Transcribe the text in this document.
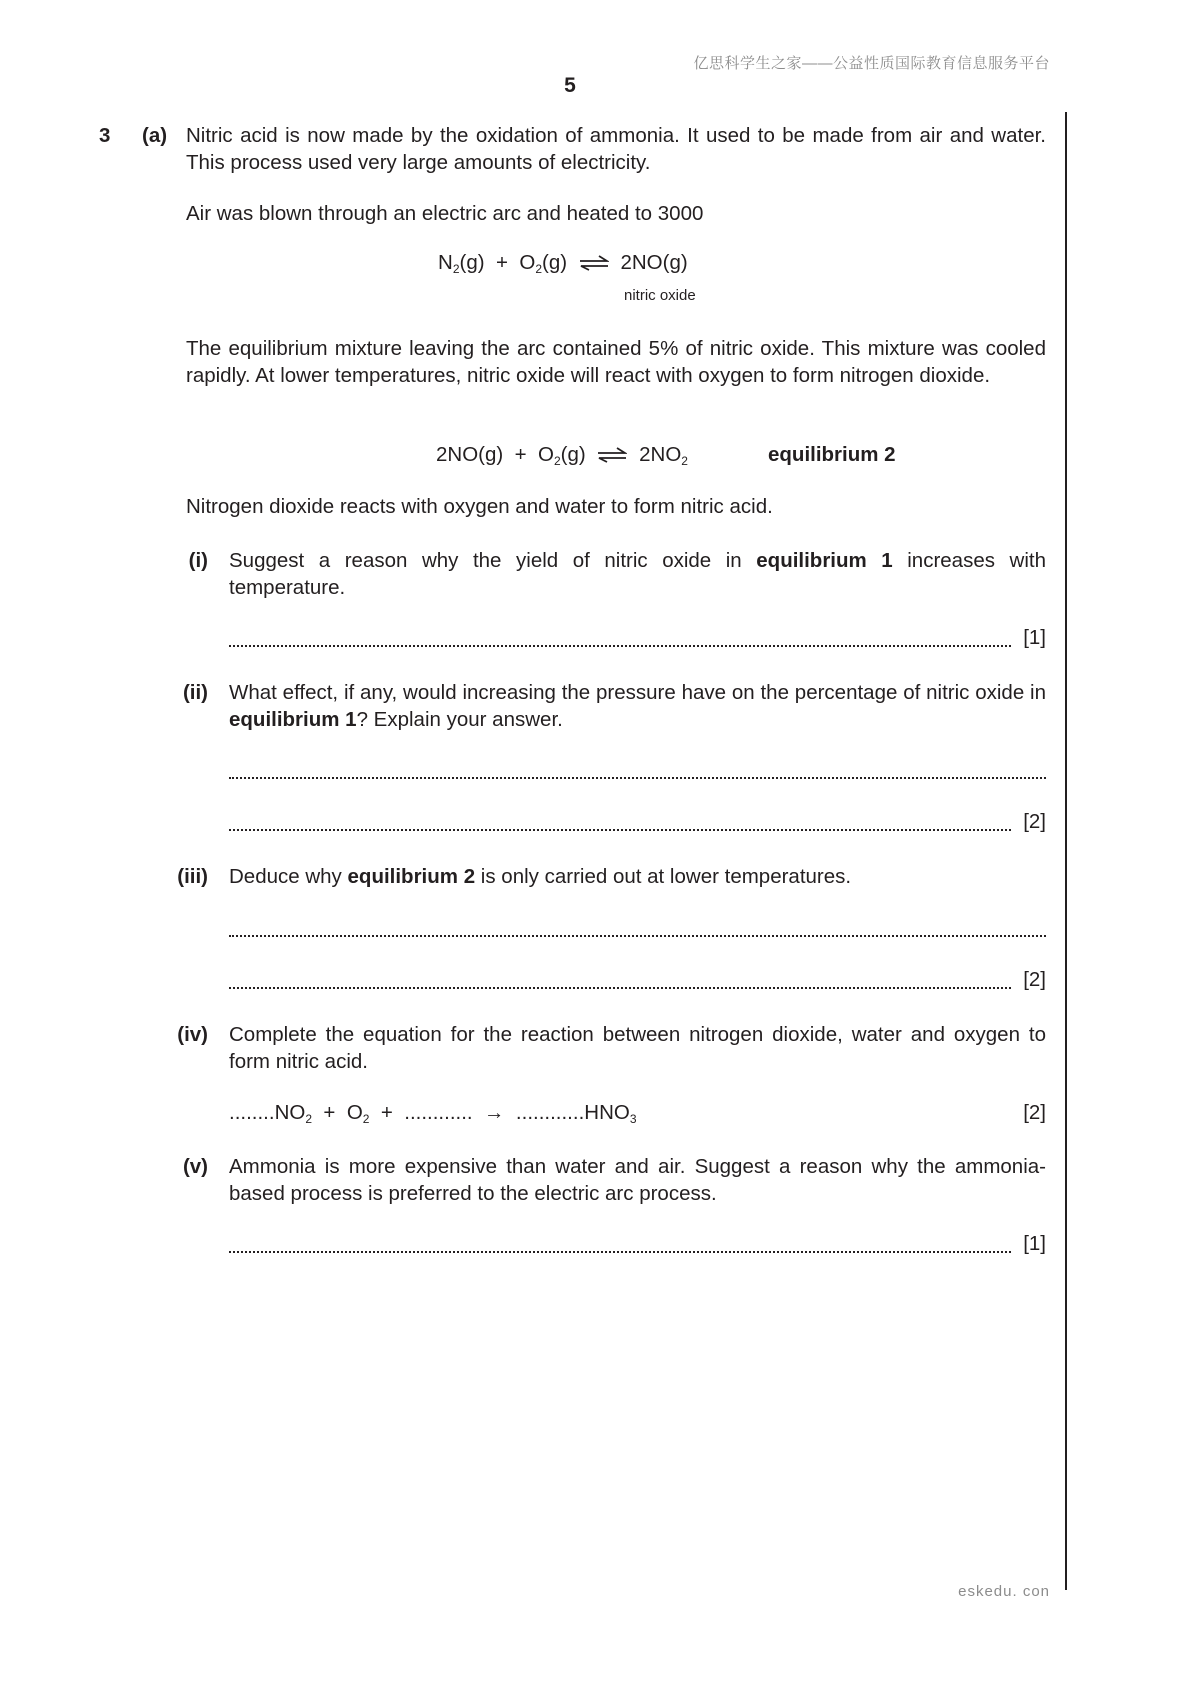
亿思科学生之家——公益性质国际教育信息服务平台
5
3 (a) Nitric acid is now made by the oxidation of ammonia. It used to be made from air and water. This process used very large amounts of electricity.
Air was blown through an electric arc and heated to 3000
$N_2(g) + O_2(g)$ ⇌ 2NO(g)
nitric oxide
The equilibrium mixture leaving the arc contained 5% of nitric oxide. This mixture was cooled rapidly. At lower temperatures, nitric oxide will react with oxygen to form nitrogen dioxide.
$2NO(g) + O_2(g)$ ⇌ $2NO_2$	equilibrium 2
Nitrogen dioxide reacts with oxygen and water to form nitric acid.
(i) Suggest a reason why the yield of nitric oxide in equilibrium 1 increases with temperature.
[1]
(ii) What effect, if any, would increasing the pressure have on the percentage of nitric oxide in equilibrium 1? Explain your answer.
[2]
(iii) Deduce why equilibrium 2 is only carried out at lower temperatures.
[2]
(iv) Complete the equation for the reaction between nitrogen dioxide, water and oxygen to form nitric acid.
$........NO_2 + O_2$ + ............ → $............HNO_3$	[2]
(v) Ammonia is more expensive than water and air. Suggest a reason why the ammonia-based process is preferred to the electric arc process.
[1]
eskedu. con
